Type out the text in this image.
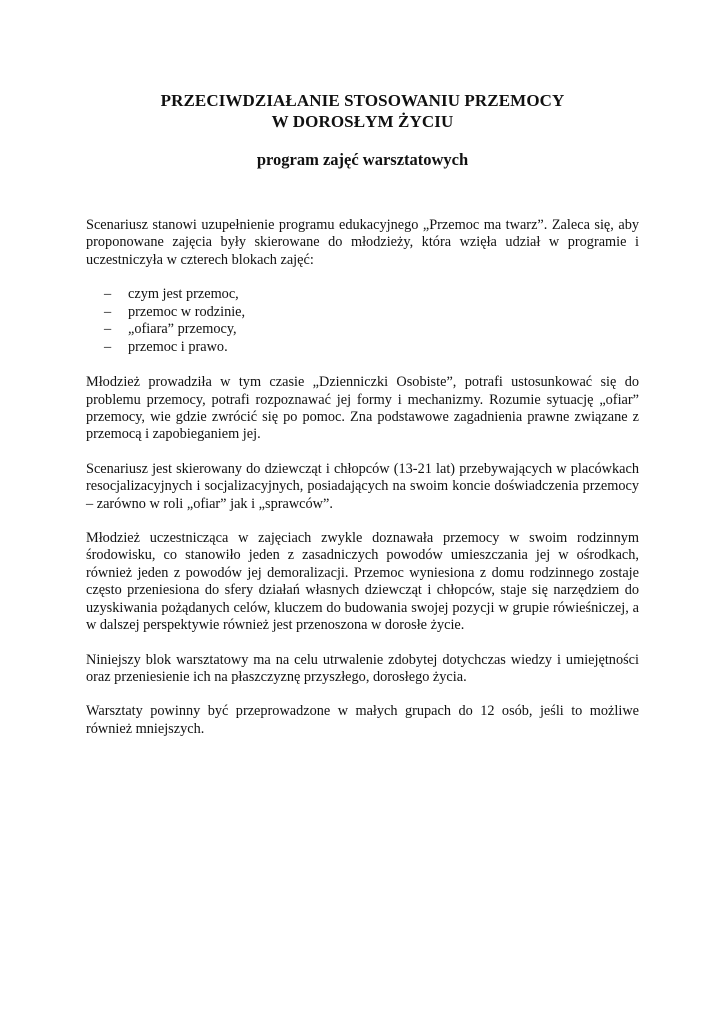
PRZECIWDZIAŁANIE STOSOWANIU PRZEMOCY
W DOROSŁYM ŻYCIU
program zajęć warsztatowych

Scenariusz stanowi uzupełnienie programu edukacyjnego „Przemoc ma twarz”. Zaleca się, aby proponowane zajęcia były skierowane do młodzieży, która wzięła udział w programie i uczestniczyła w czterech blokach zajęć:

–	czym jest przemoc,
–	przemoc w rodzinie,
–	„ofiara” przemocy,
–	przemoc i prawo.

Młodzież prowadziła w tym czasie „Dzienniczki Osobiste”, potrafi ustosunkować się do problemu przemocy, potrafi rozpoznawać jej formy i mechanizmy. Rozumie sytuację „ofiar” przemocy, wie gdzie zwrócić się po pomoc. Zna podstawowe zagadnienia prawne związane z przemocą i zapobieganiem jej.

Scenariusz jest skierowany do dziewcząt i chłopców (13-21 lat) przebywających w placówkach resocjalizacyjnych i socjalizacyjnych, posiadających na swoim koncie doświadczenia przemocy – zarówno w roli „ofiar” jak i „sprawców”.

Młodzież uczestnicząca w zajęciach zwykle doznawała przemocy w swoim rodzinnym środowisku, co stanowiło jeden z zasadniczych powodów umieszczania jej w ośrodkach, również jeden z powodów jej demoralizacji. Przemoc wyniesiona z domu rodzinnego zostaje często przeniesiona do sfery działań własnych dziewcząt i chłopców, staje się narzędziem do uzyskiwania pożądanych celów, kluczem do budowania swojej pozycji w grupie rówieśniczej, a w dalszej perspektywie również jest przenoszona w dorosłe życie.

Niniejszy blok warsztatowy ma na celu utrwalenie zdobytej dotychczas wiedzy i umiejętności oraz przeniesienie ich na płaszczyznę przyszłego, dorosłego życia.

Warsztaty powinny być przeprowadzone w małych grupach do 12 osób, jeśli to możliwe również mniejszych.
